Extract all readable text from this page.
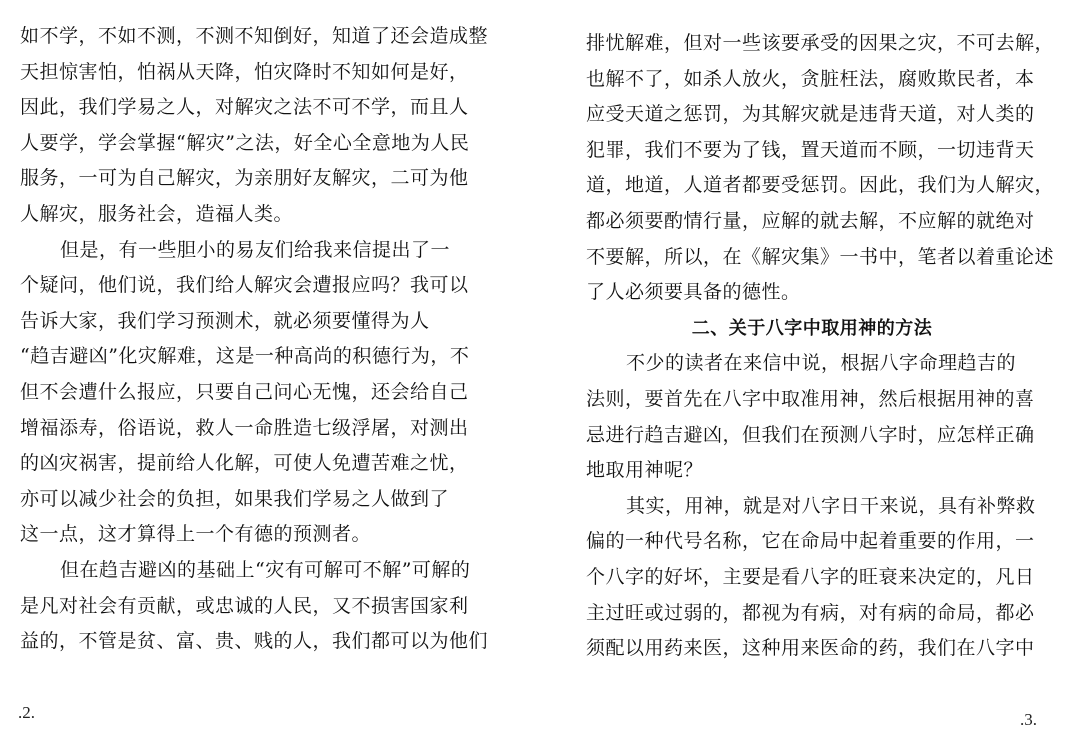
如不学，不如不测，不测不知倒好，知道了还会造成整
天担惊害怕，怕祸从天降，怕灾降时不知如何是好，
因此，我们学易之人，对解灾之法不可不学，而且人
人要学，学会掌握“解灾”之法，好全心全意地为人民
服务，一可为自己解灾，为亲朋好友解灾，二可为他
人解灾，服务社会，造福人类。
但是，有一些胆小的易友们给我来信提出了一
个疑问，他们说，我们给人解灾会遭报应吗？我可以
告诉大家，我们学习预测术，就必须要懂得为人
“趋吉避凶”化灾解难，这是一种高尚的积德行为，不
但不会遭什么报应，只要自己问心无愧，还会给自己
增福添寿，俗语说，救人一命胜造七级浮屠，对测出
的凶灾祸害，提前给人化解，可使人免遭苦难之忧，
亦可以减少社会的负担，如果我们学易之人做到了
这一点，这才算得上一个有德的预测者。
但在趋吉避凶的基础上“灾有可解可不解”可解的
是凡对社会有贡献，或忠诚的人民，又不损害国家利
益的，不管是贫、富、贵、贱的人，我们都可以为他们
.2.
排忧解难，但对一些该要承受的因果之灾，不可去解，
也解不了，如杀人放火，贪脏枉法，腐败欺民者，本
应受天道之惩罚，为其解灾就是违背天道，对人类的
犯罪，我们不要为了钱，置天道而不顾，一切违背天
道，地道，人道者都要受惩罚。因此，我们为人解灾，
都必须要酌情行量，应解的就去解，不应解的就绝对
不要解，所以，在《解灾集》一书中，笔者以着重论述
了人必须要具备的德性。
二、关于八字中取用神的方法
不少的读者在来信中说，根据八字命理趋吉的
法则，要首先在八字中取准用神，然后根据用神的喜
忌进行趋吉避凶，但我们在预测八字时，应怎样正确
地取用神呢？
其实，用神，就是对八字日干来说，具有补弊救
偏的一种代号名称，它在命局中起着重要的作用，一
个八字的好坏，主要是看八字的旺衰来决定的，凡日
主过旺或过弱的，都视为有病，对有病的命局，都必
须配以用药来医，这种用来医命的药，我们在八字中
.3.
